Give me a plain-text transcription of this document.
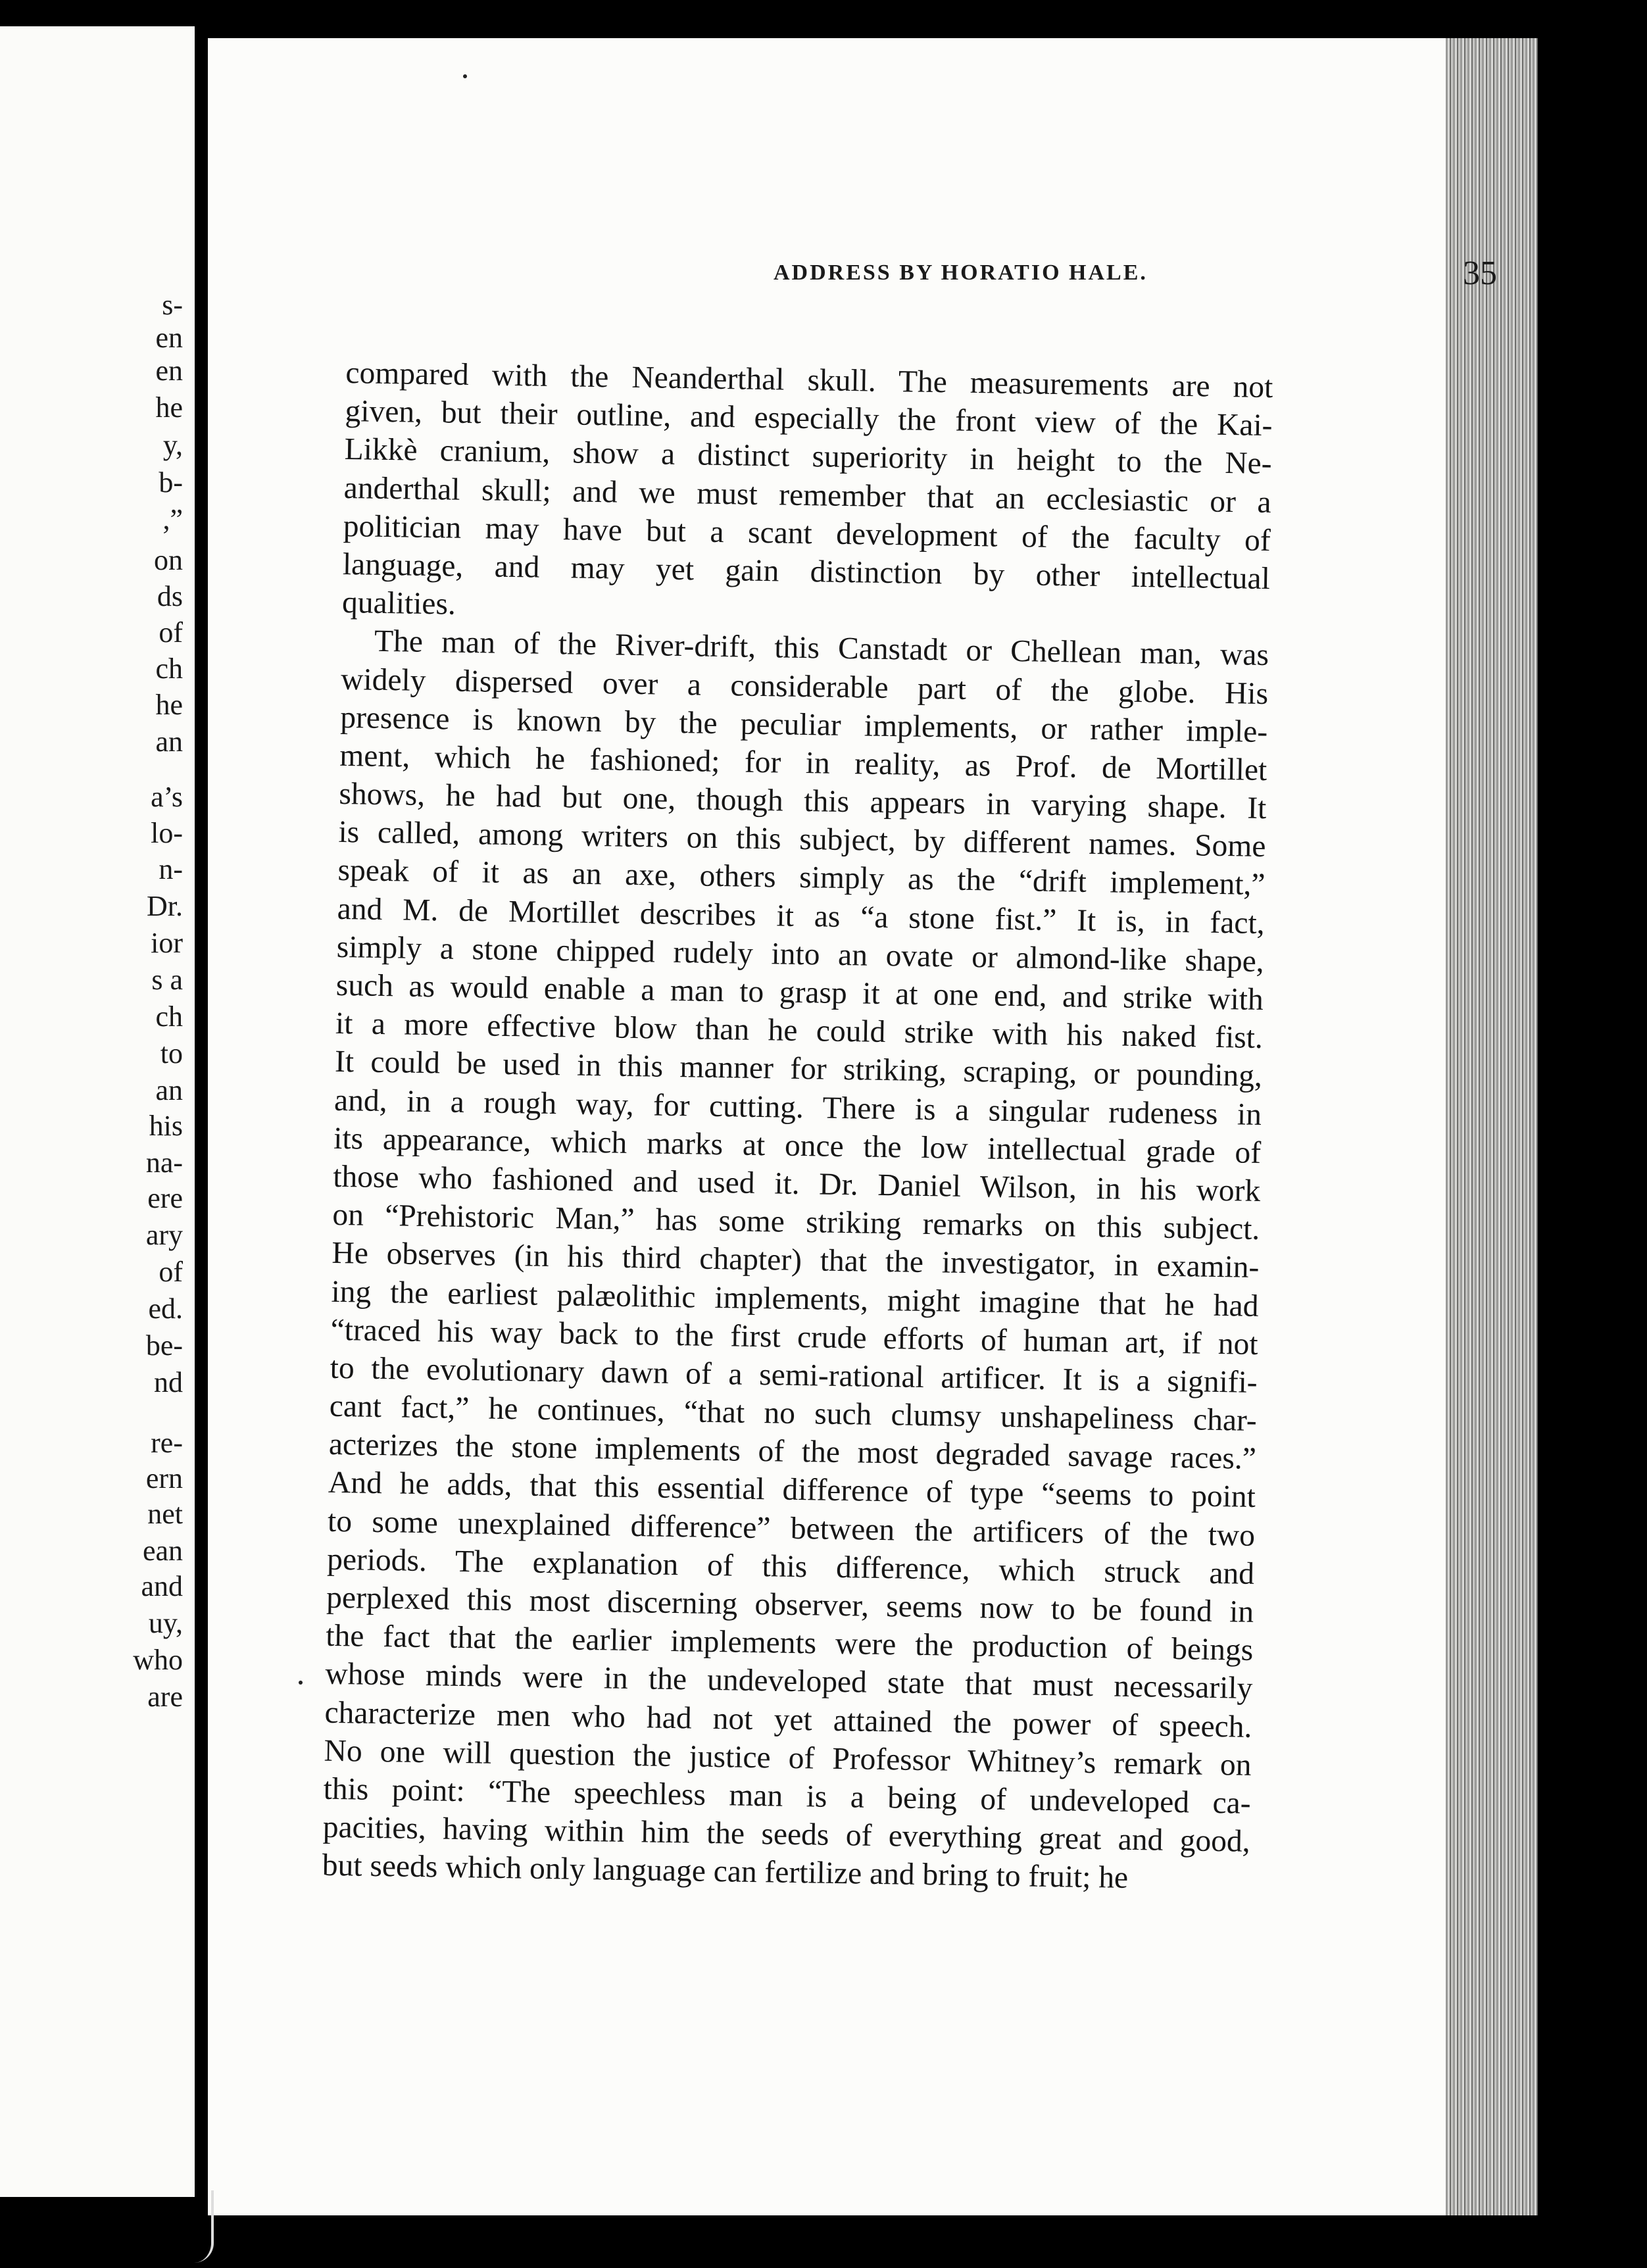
s-
en
en
he
y,
b-
,”
on
ds
of
ch
he
an
a’s
lo-
n-
Dr.
ior
s a
ch
to
an
his
na-
ere
ary
of
ed.
be-
nd
re-
ern
net
ean
and
uy,
who
are
ADDRESS BY HORATIO HALE.	35
compared with the Neanderthal skull. The measurements are not
given, but their outline, and especially the front view of the Kai-
Likkè cranium, show a distinct superiority in height to the Ne-
anderthal skull; and we must remember that an ecclesiastic or a
politician may have but a scant development of the faculty of
language, and may yet gain distinction by other intellectual
qualities.
The man of the River-drift, this Canstadt or Chellean man, was
widely dispersed over a considerable part of the globe. His
presence is known by the peculiar implements, or rather imple-
ment, which he fashioned; for in reality, as Prof. de Mortillet
shows, he had but one, though this appears in varying shape. It
is called, among writers on this subject, by different names. Some
speak of it as an axe, others simply as the “drift implement,”
and M. de Mortillet describes it as “a stone fist.” It is, in fact,
simply a stone chipped rudely into an ovate or almond-like shape,
such as would enable a man to grasp it at one end, and strike with
it a more effective blow than he could strike with his naked fist.
It could be used in this manner for striking, scraping, or pounding,
and, in a rough way, for cutting. There is a singular rudeness in
its appearance, which marks at once the low intellectual grade of
those who fashioned and used it. Dr. Daniel Wilson, in his work
on “Prehistoric Man,” has some striking remarks on this subject.
He observes (in his third chapter) that the investigator, in examin-
ing the earliest palæolithic implements, might imagine that he had
“traced his way back to the first crude efforts of human art, if not
to the evolutionary dawn of a semi-rational artificer. It is a signifi-
cant fact,” he continues, “that no such clumsy unshapeliness char-
acterizes the stone implements of the most degraded savage races.”
And he adds, that this essential difference of type “seems to point
to some unexplained difference” between the artificers of the two
periods. The explanation of this difference, which struck and
perplexed this most discerning observer, seems now to be found in
the fact that the earlier implements were the production of beings
whose minds were in the undeveloped state that must necessarily
characterize men who had not yet attained the power of speech.
No one will question the justice of Professor Whitney’s remark on
this point: “The speechless man is a being of undeveloped ca-
pacities, having within him the seeds of everything great and good,
but seeds which only language can fertilize and bring to fruit; he
